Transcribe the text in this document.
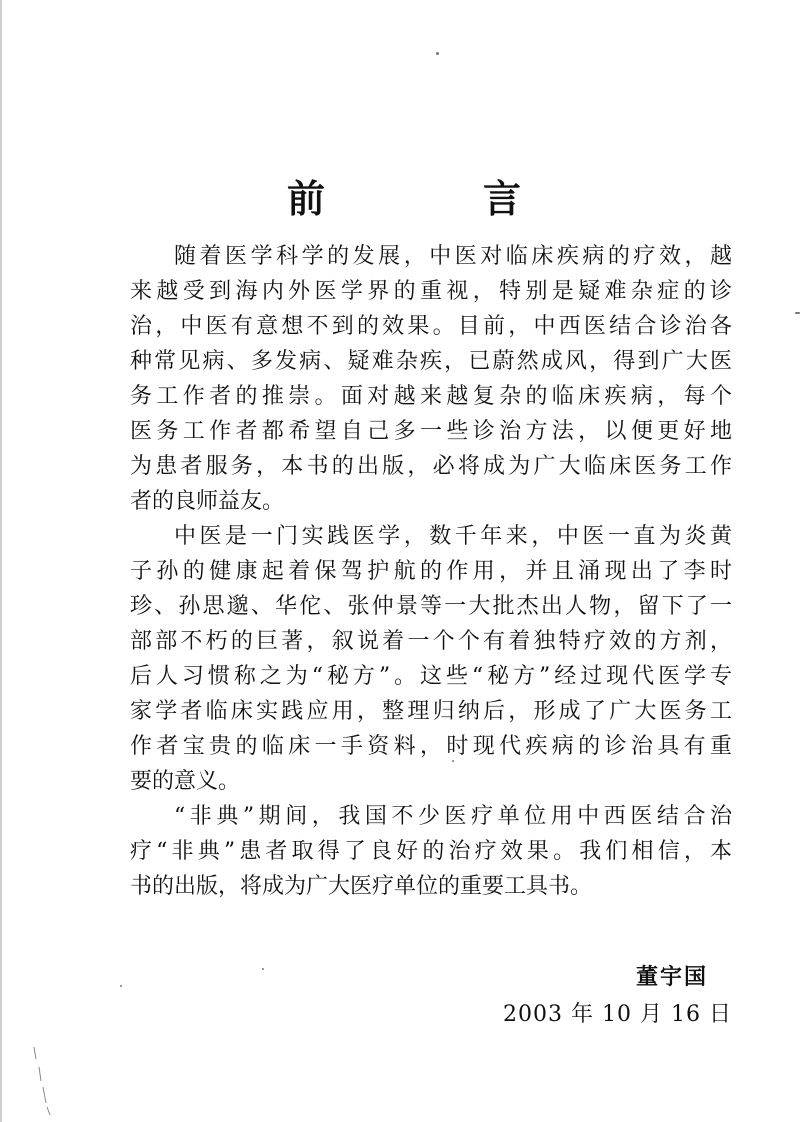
前　言
随着医学科学的发展，中医对临床疾病的疗效，越
来越受到海内外医学界的重视，特别是疑难杂症的诊
治，中医有意想不到的效果。目前，中西医结合诊治各
种常见病、多发病、疑难杂疾，已蔚然成风，得到广大医
务工作者的推崇。面对越来越复杂的临床疾病，每个
医务工作者都希望自己多一些诊治方法，以便更好地
为患者服务，本书的出版，必将成为广大临床医务工作
者的良师益友。
中医是一门实践医学，数千年来，中医一直为炎黄
子孙的健康起着保驾护航的作用，并且涌现出了李时
珍、孙思邈、华佗、张仲景等一大批杰出人物，留下了一
部部不朽的巨著，叙说着一个个有着独特疗效的方剂，
后人习惯称之为“秘方”。这些“秘方”经过现代医学专
家学者临床实践应用，整理归纳后，形成了广大医务工
作者宝贵的临床一手资料，时现代疾病的诊治具有重
要的意义。
“非典”期间，我国不少医疗单位用中西医结合治
疗“非典”患者取得了良好的治疗效果。我们相信，本
书的出版，将成为广大医疗单位的重要工具书。
董宇国
2003 年 10 月 16 日
